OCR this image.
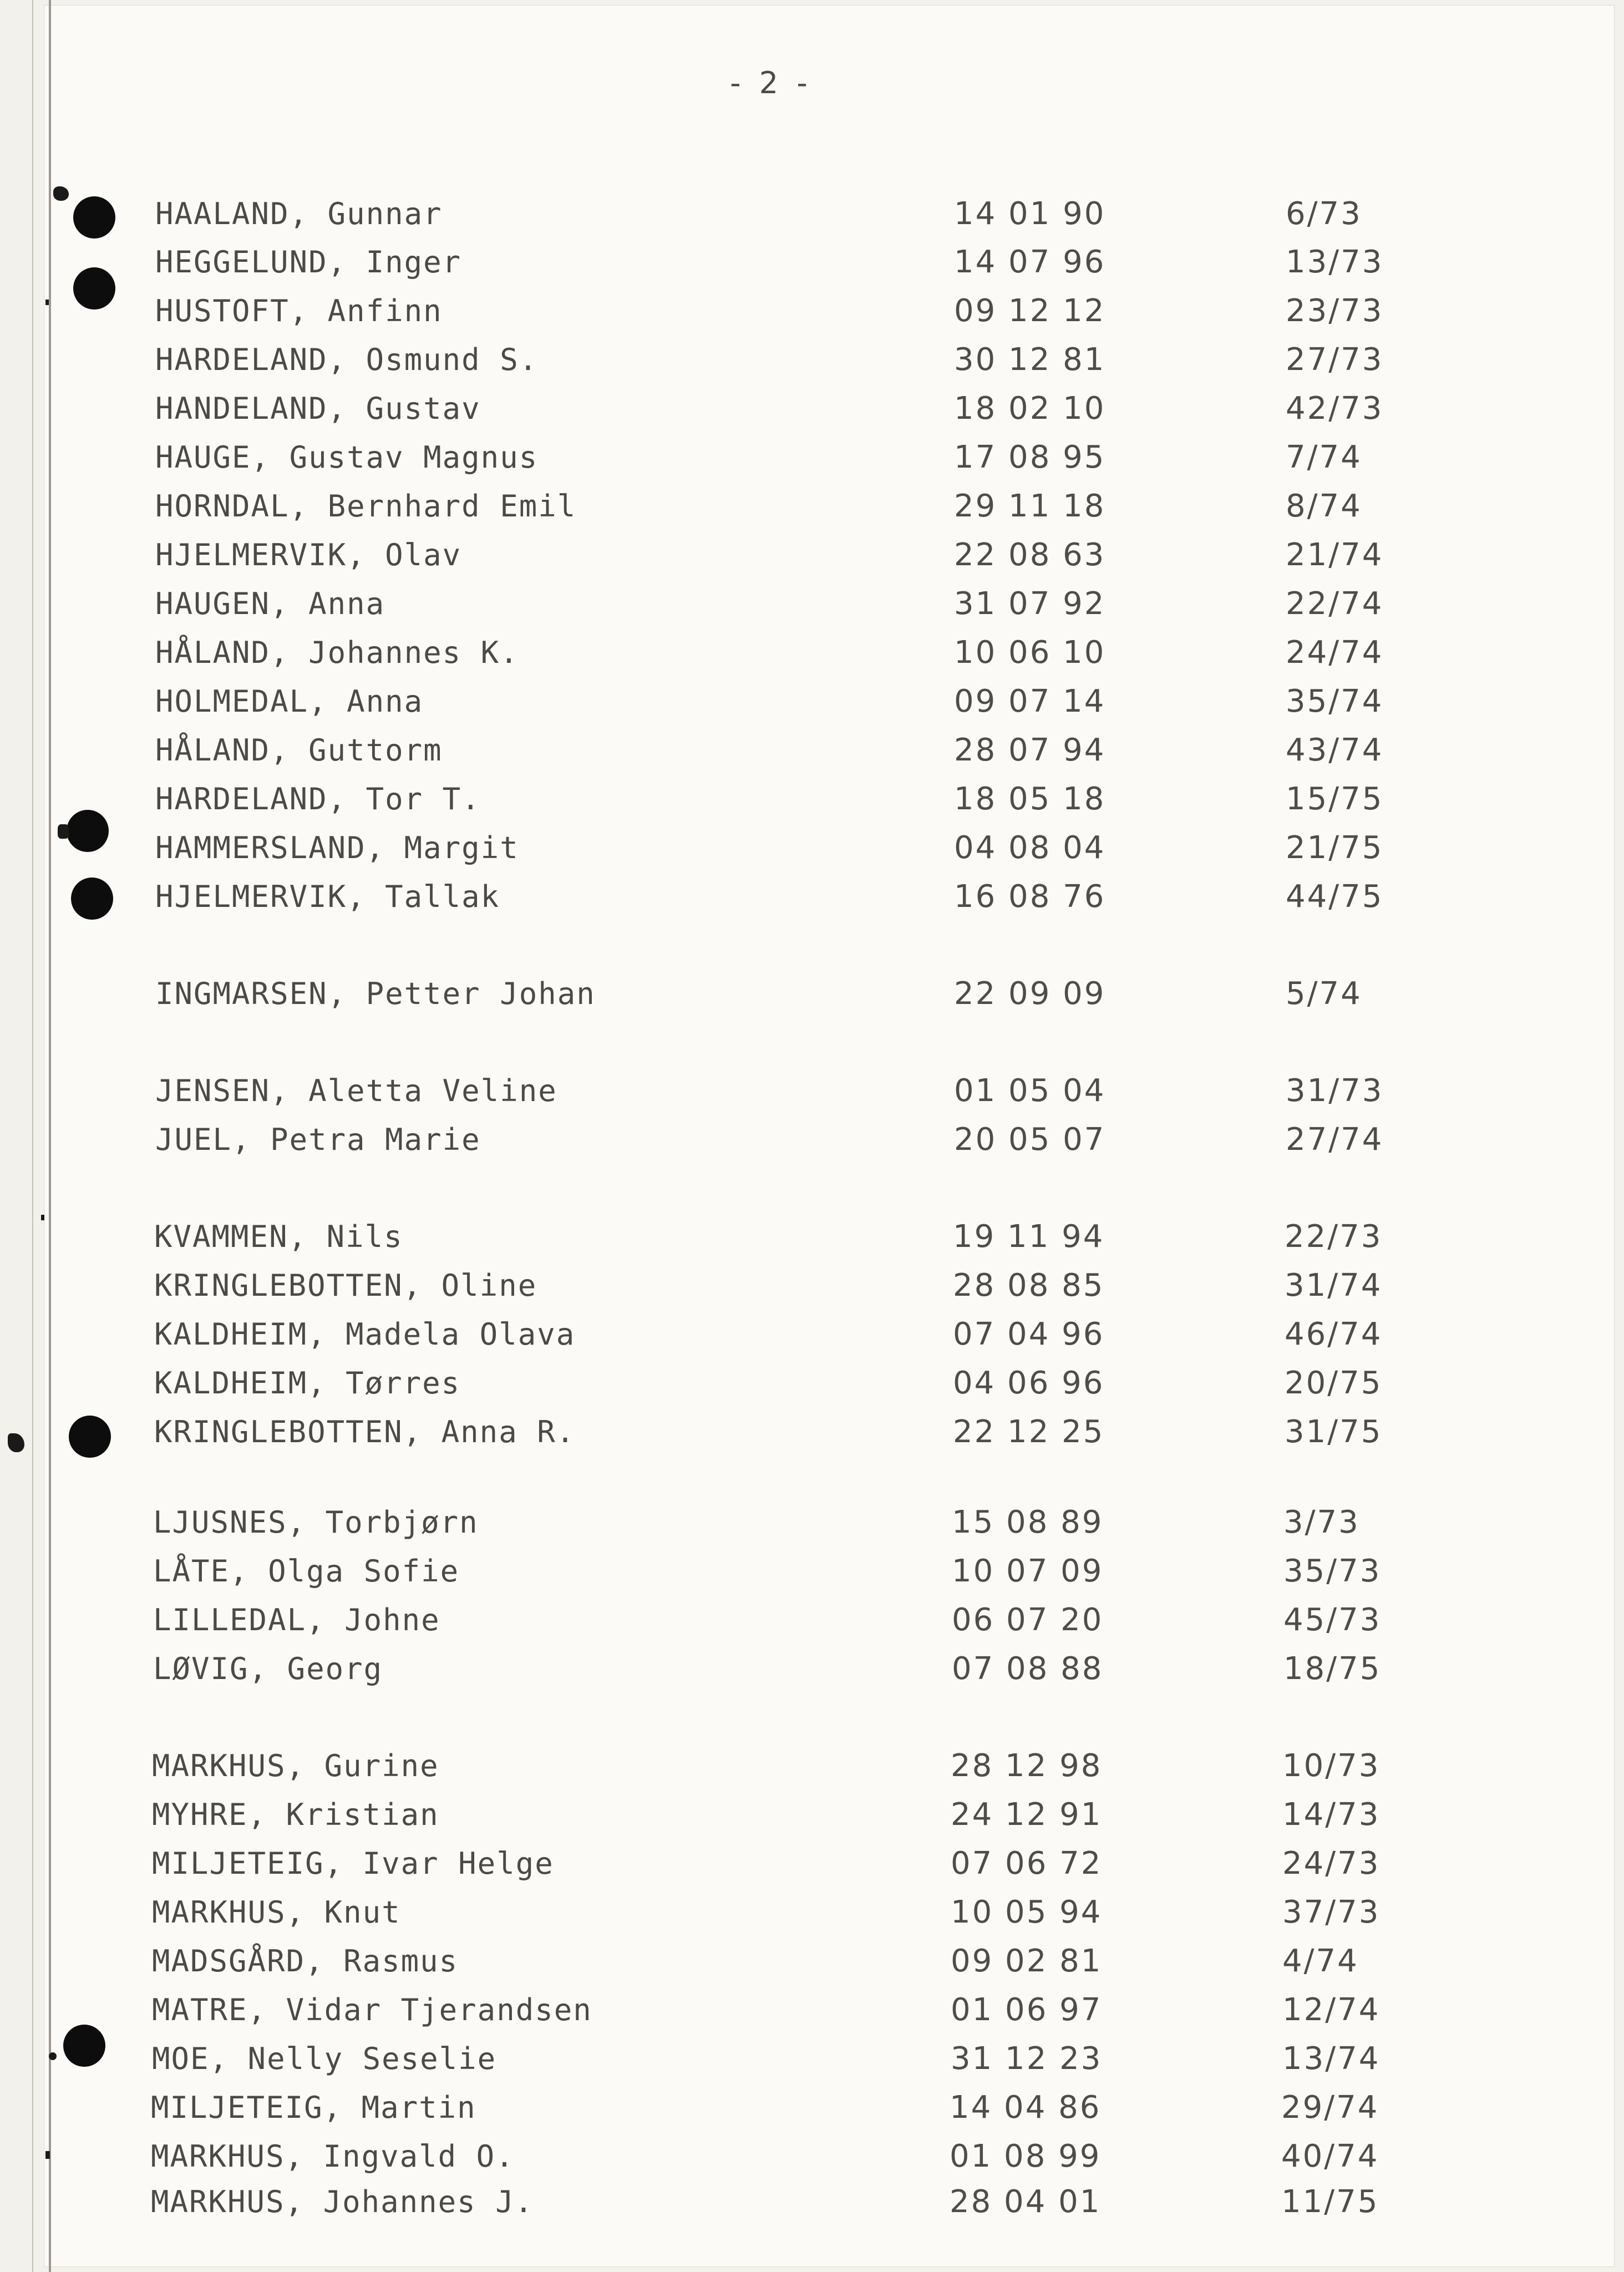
- 2 -
HAALAND, Gunnar	14 01 90	6/73
HEGGELUND, Inger	14 07 96	13/73
HUSTOFT, Anfinn	09 12 12	23/73
HARDELAND, Osmund S.	30 12 81	27/73
HANDELAND, Gustav	18 02 10	42/73
HAUGE, Gustav Magnus	17 08 95	7/74
HORNDAL, Bernhard Emil	29 11 18	8/74
HJELMERVIK, Olav	22 08 63	21/74
HAUGEN, Anna	31 07 92	22/74
HÅLAND, Johannes K.	10 06 10	24/74
HOLMEDAL, Anna	09 07 14	35/74
HÅLAND, Guttorm	28 07 94	43/74
HARDELAND, Tor T.	18 05 18	15/75
HAMMERSLAND, Margit	04 08 04	21/75
HJELMERVIK, Tallak	16 08 76	44/75
INGMARSEN, Petter Johan	22 09 09	5/74
JENSEN, Aletta Veline	01 05 04	31/73
JUEL, Petra Marie	20 05 07	27/74
KVAMMEN, Nils	19 11 94	22/73
KRINGLEBOTTEN, Oline	28 08 85	31/74
KALDHEIM, Madela Olava	07 04 96	46/74
KALDHEIM, Tørres	04 06 96	20/75
KRINGLEBOTTEN, Anna R.	22 12 25	31/75
LJUSNES, Torbjørn	15 08 89	3/73
LÅTE, Olga Sofie	10 07 09	35/73
LILLEDAL, Johne	06 07 20	45/73
LØVIG, Georg	07 08 88	18/75
MARKHUS, Gurine	28 12 98	10/73
MYHRE, Kristian	24 12 91	14/73
MILJETEIG, Ivar Helge	07 06 72	24/73
MARKHUS, Knut	10 05 94	37/73
MADSGÅRD, Rasmus	09 02 81	4/74
MATRE, Vidar Tjerandsen	01 06 97	12/74
MOE, Nelly Seselie	31 12 23	13/74
MILJETEIG, Martin	14 04 86	29/74
MARKHUS, Ingvald O.	01 08 99	40/74
MARKHUS, Johannes J.	28 04 01	11/75
